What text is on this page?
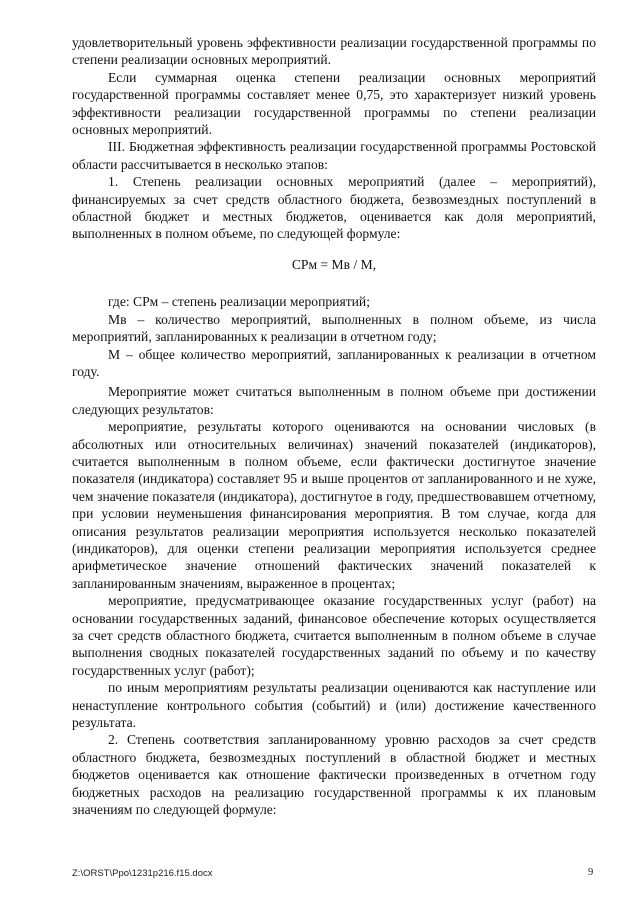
удовлетворительный уровень эффективности реализации государственной программы по степени реализации основных мероприятий.

Если суммарная оценка степени реализации основных мероприятий государственной программы составляет менее 0,75, это характеризует низкий уровень эффективности реализации государственной программы по степени реализации основных мероприятий.

III. Бюджетная эффективность реализации государственной программы Ростовской области рассчитывается в несколько этапов:

1. Степень реализации основных мероприятий (далее – мероприятий), финансируемых за счет средств областного бюджета, безвозмездных поступлений в областной бюджет и местных бюджетов, оценивается как доля мероприятий, выполненных в полном объеме, по следующей формуле:

СРм = Мв / М,

где: СРм – степень реализации мероприятий;

Мв – количество мероприятий, выполненных в полном объеме, из числа мероприятий, запланированных к реализации в отчетном году;

М – общее количество мероприятий, запланированных к реализации в отчетном году.

Мероприятие может считаться выполненным в полном объеме при достижении следующих результатов:

мероприятие, результаты которого оцениваются на основании числовых (в абсолютных или относительных величинах) значений показателей (индикаторов), считается выполненным в полном объеме, если фактически достигнутое значение показателя (индикатора) составляет 95 и выше процентов от запланированного и не хуже, чем значение показателя (индикатора), достигнутое в году, предшествовавшем отчетному, при условии неуменьшения финансирования мероприятия. В том случае, когда для описания результатов реализации мероприятия используется несколько показателей (индикаторов), для оценки степени реализации мероприятия используется среднее арифметическое значение отношений фактических значений показателей к запланированным значениям, выраженное в процентах;

мероприятие, предусматривающее оказание государственных услуг (работ) на основании государственных заданий, финансовое обеспечение которых осуществляется за счет средств областного бюджета, считается выполненным в полном объеме в случае выполнения сводных показателей государственных заданий по объему и по качеству государственных услуг (работ);

по иным мероприятиям результаты реализации оцениваются как наступление или ненаступление контрольного события (событий) и (или) достижение качественного результата.

2. Степень соответствия запланированному уровню расходов за счет средств областного бюджета, безвозмездных поступлений в областной бюджет и местных бюджетов оценивается как отношение фактически произведенных в отчетном году бюджетных расходов на реализацию государственной программы к их плановым значениям по следующей формуле:

Z:\ORST\Ppo\1231p216.f15.docx	9
